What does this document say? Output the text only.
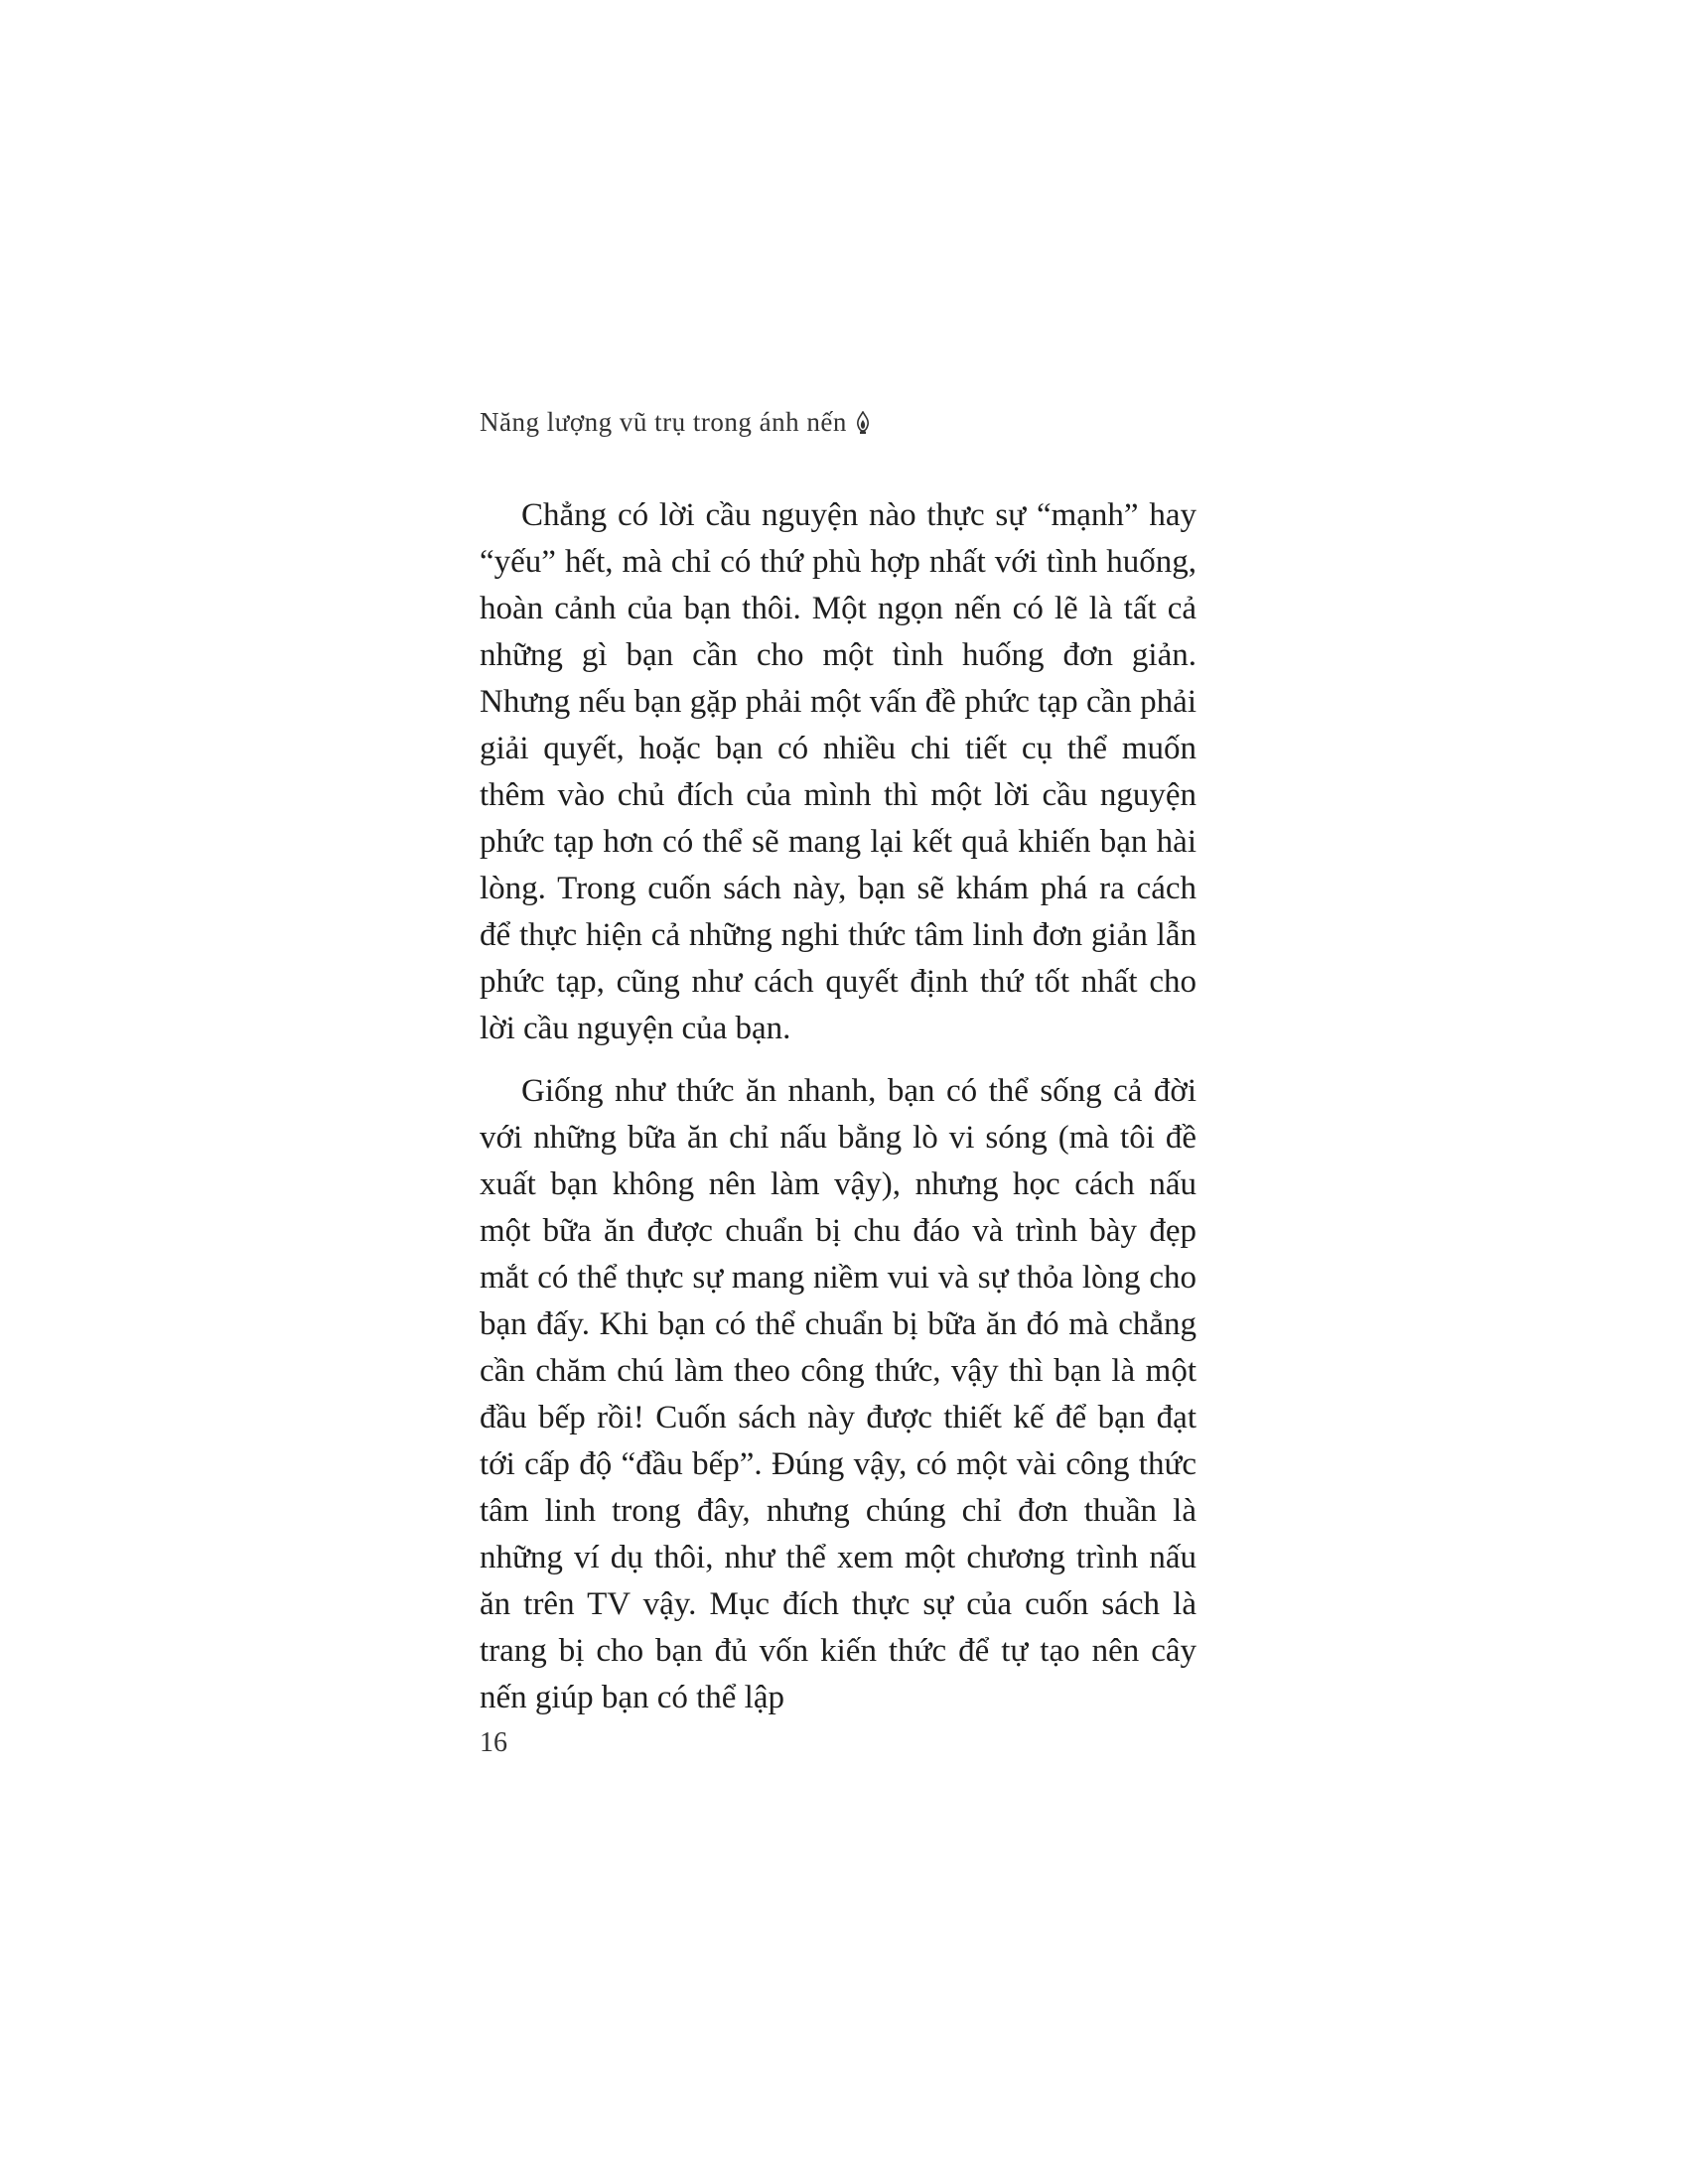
Năng lượng vũ trụ trong ánh nến

Chẳng có lời cầu nguyện nào thực sự “mạnh” hay “yếu” hết, mà chỉ có thứ phù hợp nhất với tình huống, hoàn cảnh của bạn thôi. Một ngọn nến có lẽ là tất cả những gì bạn cần cho một tình huống đơn giản. Nhưng nếu bạn gặp phải một vấn đề phức tạp cần phải giải quyết, hoặc bạn có nhiều chi tiết cụ thể muốn thêm vào chủ đích của mình thì một lời cầu nguyện phức tạp hơn có thể sẽ mang lại kết quả khiến bạn hài lòng. Trong cuốn sách này, bạn sẽ khám phá ra cách để thực hiện cả những nghi thức tâm linh đơn giản lẫn phức tạp, cũng như cách quyết định thứ tốt nhất cho lời cầu nguyện của bạn.

Giống như thức ăn nhanh, bạn có thể sống cả đời với những bữa ăn chỉ nấu bằng lò vi sóng (mà tôi đề xuất bạn không nên làm vậy), nhưng học cách nấu một bữa ăn được chuẩn bị chu đáo và trình bày đẹp mắt có thể thực sự mang niềm vui và sự thỏa lòng cho bạn đấy. Khi bạn có thể chuẩn bị bữa ăn đó mà chẳng cần chăm chú làm theo công thức, vậy thì bạn là một đầu bếp rồi! Cuốn sách này được thiết kế để bạn đạt tới cấp độ “đầu bếp”. Đúng vậy, có một vài công thức tâm linh trong đây, nhưng chúng chỉ đơn thuần là những ví dụ thôi, như thể xem một chương trình nấu ăn trên TV vậy. Mục đích thực sự của cuốn sách là trang bị cho bạn đủ vốn kiến thức để tự tạo nên cây nến giúp bạn có thể lập

16
